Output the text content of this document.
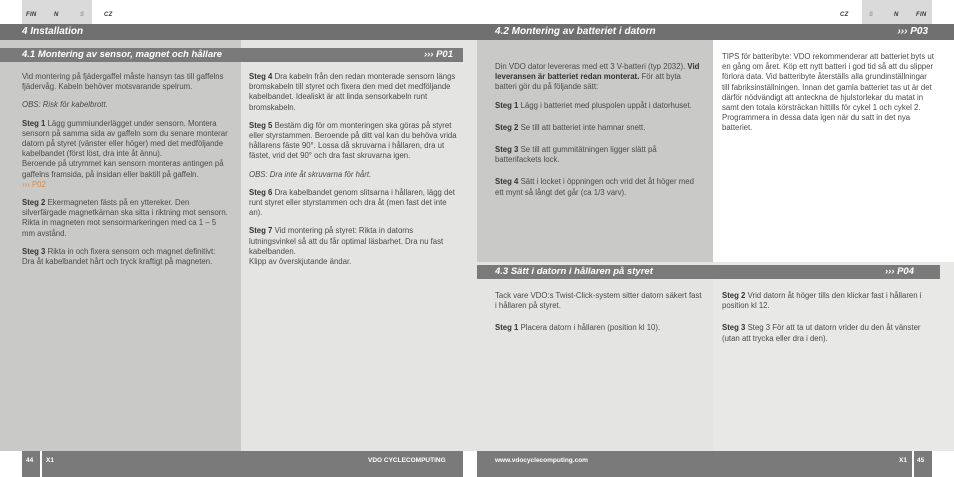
FIN	N	S	CZ
4 Installation
4.1 Montering av sensor, magnet och hållare	››› P01

Vid montering på fjädergaffel måste hansyn tas till gaffelns fjädervåg. Kabeln behöver motsvarande spelrum.

OBS: Risk för kabelbrott.

Steg 1 Lägg gummiunderlägget under sensorn. Montera sensorn på samma sida av gaffeln som du senare monterar datorn på styret (vänster eller höger) med det medföljande kabelbandet (först löst, dra inte åt ännu).
Beroende på utrymmet kan sensorn monteras antingen på gaffelns framsida, på insidan eller baktill på gaffeln.
››› P02

Steg 2 Ekermagneten fästs på en yttereker. Den silverfärgade magnetkärnan ska sitta i riktning mot sensorn. Rikta in magneten mot sensormarkeringen med ca 1 – 5 mm avstånd.

Steg 3 Rikta in och fixera sensorn och magnet definitivt: Dra åt kabelbandet hårt och tryck kraftigt på magneten.

Steg 4 Dra kabeln från den redan monterade sensorn längs bromskabeln till styret och fixera den med det medföljande kabelbandet. Idealiskt är att linda sensorkabeln runt bromskabeln.

Steg 5 Bestäm dig för om monteringen ska göras på styret eller styrstammen. Beroende på ditt val kan du behöva vrida hållarens fäste 90°. Lossa då skruvarna i hållaren, dra ut fästet, vrid det 90° och dra fast skruvarna igen.

OBS: Dra inte åt skruvarna för hårt.

Steg 6 Dra kabelbandet genom slitsarna i hållaren, lägg det runt styret eller styrstammen och dra åt (men fast det inte an).

Steg 7 Vid montering på styret: Rikta in datorns lutningsvinkel så att du får optimal läsbarhet. Dra nu fast kabelbanden.
Klipp av överskjutande ändar.

44 X1	VDO CYCLECOMPUTING
CZ	S	N	FIN
4.2 Montering av batteriet i datorn	››› P03
4.3 Sätt i datorn i hållaren på styret	››› P04

Din VDO dator levereras med ett 3 V-batteri (typ 2032). Vid leveransen är batteriet redan monterat. För att byta batteri gör du på följande sätt:

Steg 1 Lägg i batteriet med pluspolen uppåt i datorhuset.

Steg 2 Se till att batteriet inte hamnar snett.

Steg 3 Se till att gummitätningen ligger slätt på batterifackets lock.

Steg 4 Sätt i locket i öppningen och vrid det åt höger med ett mynt så långt det går (ca 1/3 varv).

TIPS för batteribyte: VDO rekommenderar att batteriet byts ut en gång om året. Köp ett nytt batteri i god tid så att du slipper förlora data. Vid batteribyte återställs alla grundinställningar till fabriksinställningen. Innan det gamla batteriet tas ut är det därför nödvändigt att anteckna de hjulstorlekar du matat in samt den totala körsträckan hittills för cykel 1 och cykel 2. Programmera in dessa data igen när du satt in det nya batteriet.

Tack vare VDO:s Twist-Click-system sitter datorn säkert fast i hållaren på styret.

Steg 1 Placera datorn i hållaren (position kl 10).

Steg 2 Vrid datorn åt höger tills den klickar fast i hållaren i position kl 12.

Steg 3 Steg 3 För att ta ut datorn vrider du den åt vänster (utan att trycka eller dra i den).

www.vdocyclecomputing.com	X1 45
